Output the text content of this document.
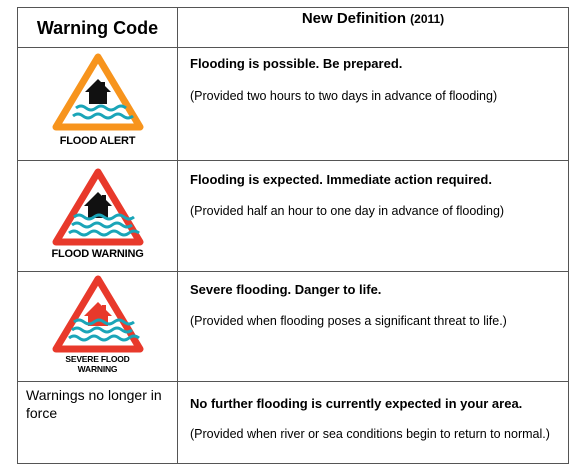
Warning Code	New Definition (2011)
FLOOD ALERT
Flooding is possible. Be prepared.
(Provided two hours to two days in advance of flooding)
FLOOD WARNING
Flooding is expected. Immediate action required.
(Provided half an hour to one day in advance of flooding)
SEVERE FLOOD
WARNING
Severe flooding. Danger to life.
(Provided when flooding poses a significant threat to life.)
Warnings no longer in force
No further flooding is currently expected in your area.
(Provided when river or sea conditions begin to return to normal.)
